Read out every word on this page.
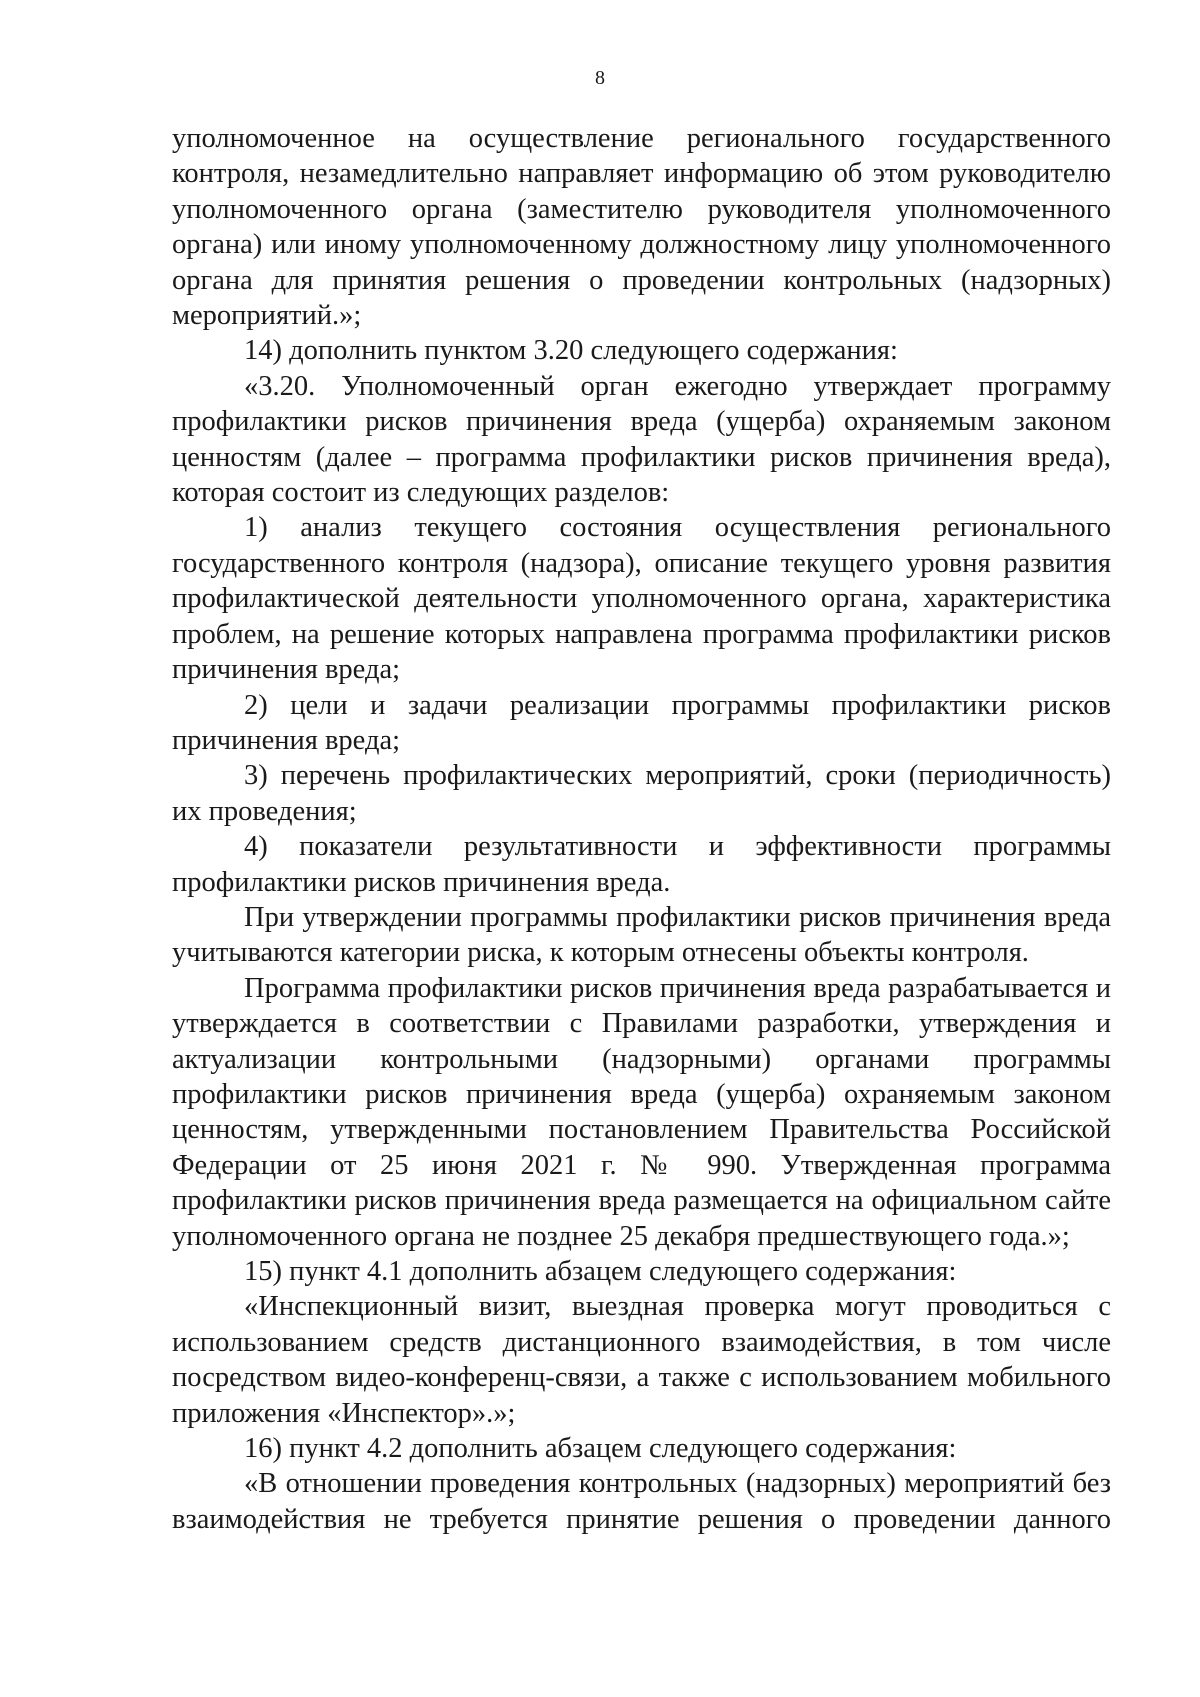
8

уполномоченное на осуществление регионального государственного контроля, незамедлительно направляет информацию об этом руководителю уполномоченного органа (заместителю руководителя уполномоченного органа) или иному уполномоченному должностному лицу уполномоченного органа для принятия решения о проведении контрольных (надзорных) мероприятий.»;

14) дополнить пунктом 3.20 следующего содержания:

«3.20. Уполномоченный орган ежегодно утверждает программу профилактики рисков причинения вреда (ущерба) охраняемым законом ценностям (далее – программа профилактики рисков причинения вреда), которая состоит из следующих разделов:

1) анализ текущего состояния осуществления регионального государственного контроля (надзора), описание текущего уровня развития профилактической деятельности уполномоченного органа, характеристика проблем, на решение которых направлена программа профилактики рисков причинения вреда;

2) цели и задачи реализации программы профилактики рисков причинения вреда;

3) перечень профилактических мероприятий, сроки (периодичность) их проведения;

4) показатели результативности и эффективности программы профилактики рисков причинения вреда.

При утверждении программы профилактики рисков причинения вреда учитываются категории риска, к которым отнесены объекты контроля.

Программа профилактики рисков причинения вреда разрабатывается и утверждается в соответствии с Правилами разработки, утверждения и актуализации контрольными (надзорными) органами программы профилактики рисков причинения вреда (ущерба) охраняемым законом ценностям, утвержденными постановлением Правительства Российской Федерации от 25 июня 2021 г. № 990. Утвержденная программа профилактики рисков причинения вреда размещается на официальном сайте уполномоченного органа не позднее 25 декабря предшествующего года.»;

15) пункт 4.1 дополнить абзацем следующего содержания:

«Инспекционный визит, выездная проверка могут проводиться с использованием средств дистанционного взаимодействия, в том числе посредством видео-конференц-связи, а также с использованием мобильного приложения «Инспектор».»;

16) пункт 4.2 дополнить абзацем следующего содержания:

«В отношении проведения контрольных (надзорных) мероприятий без взаимодействия не требуется принятие решения о проведении данного
